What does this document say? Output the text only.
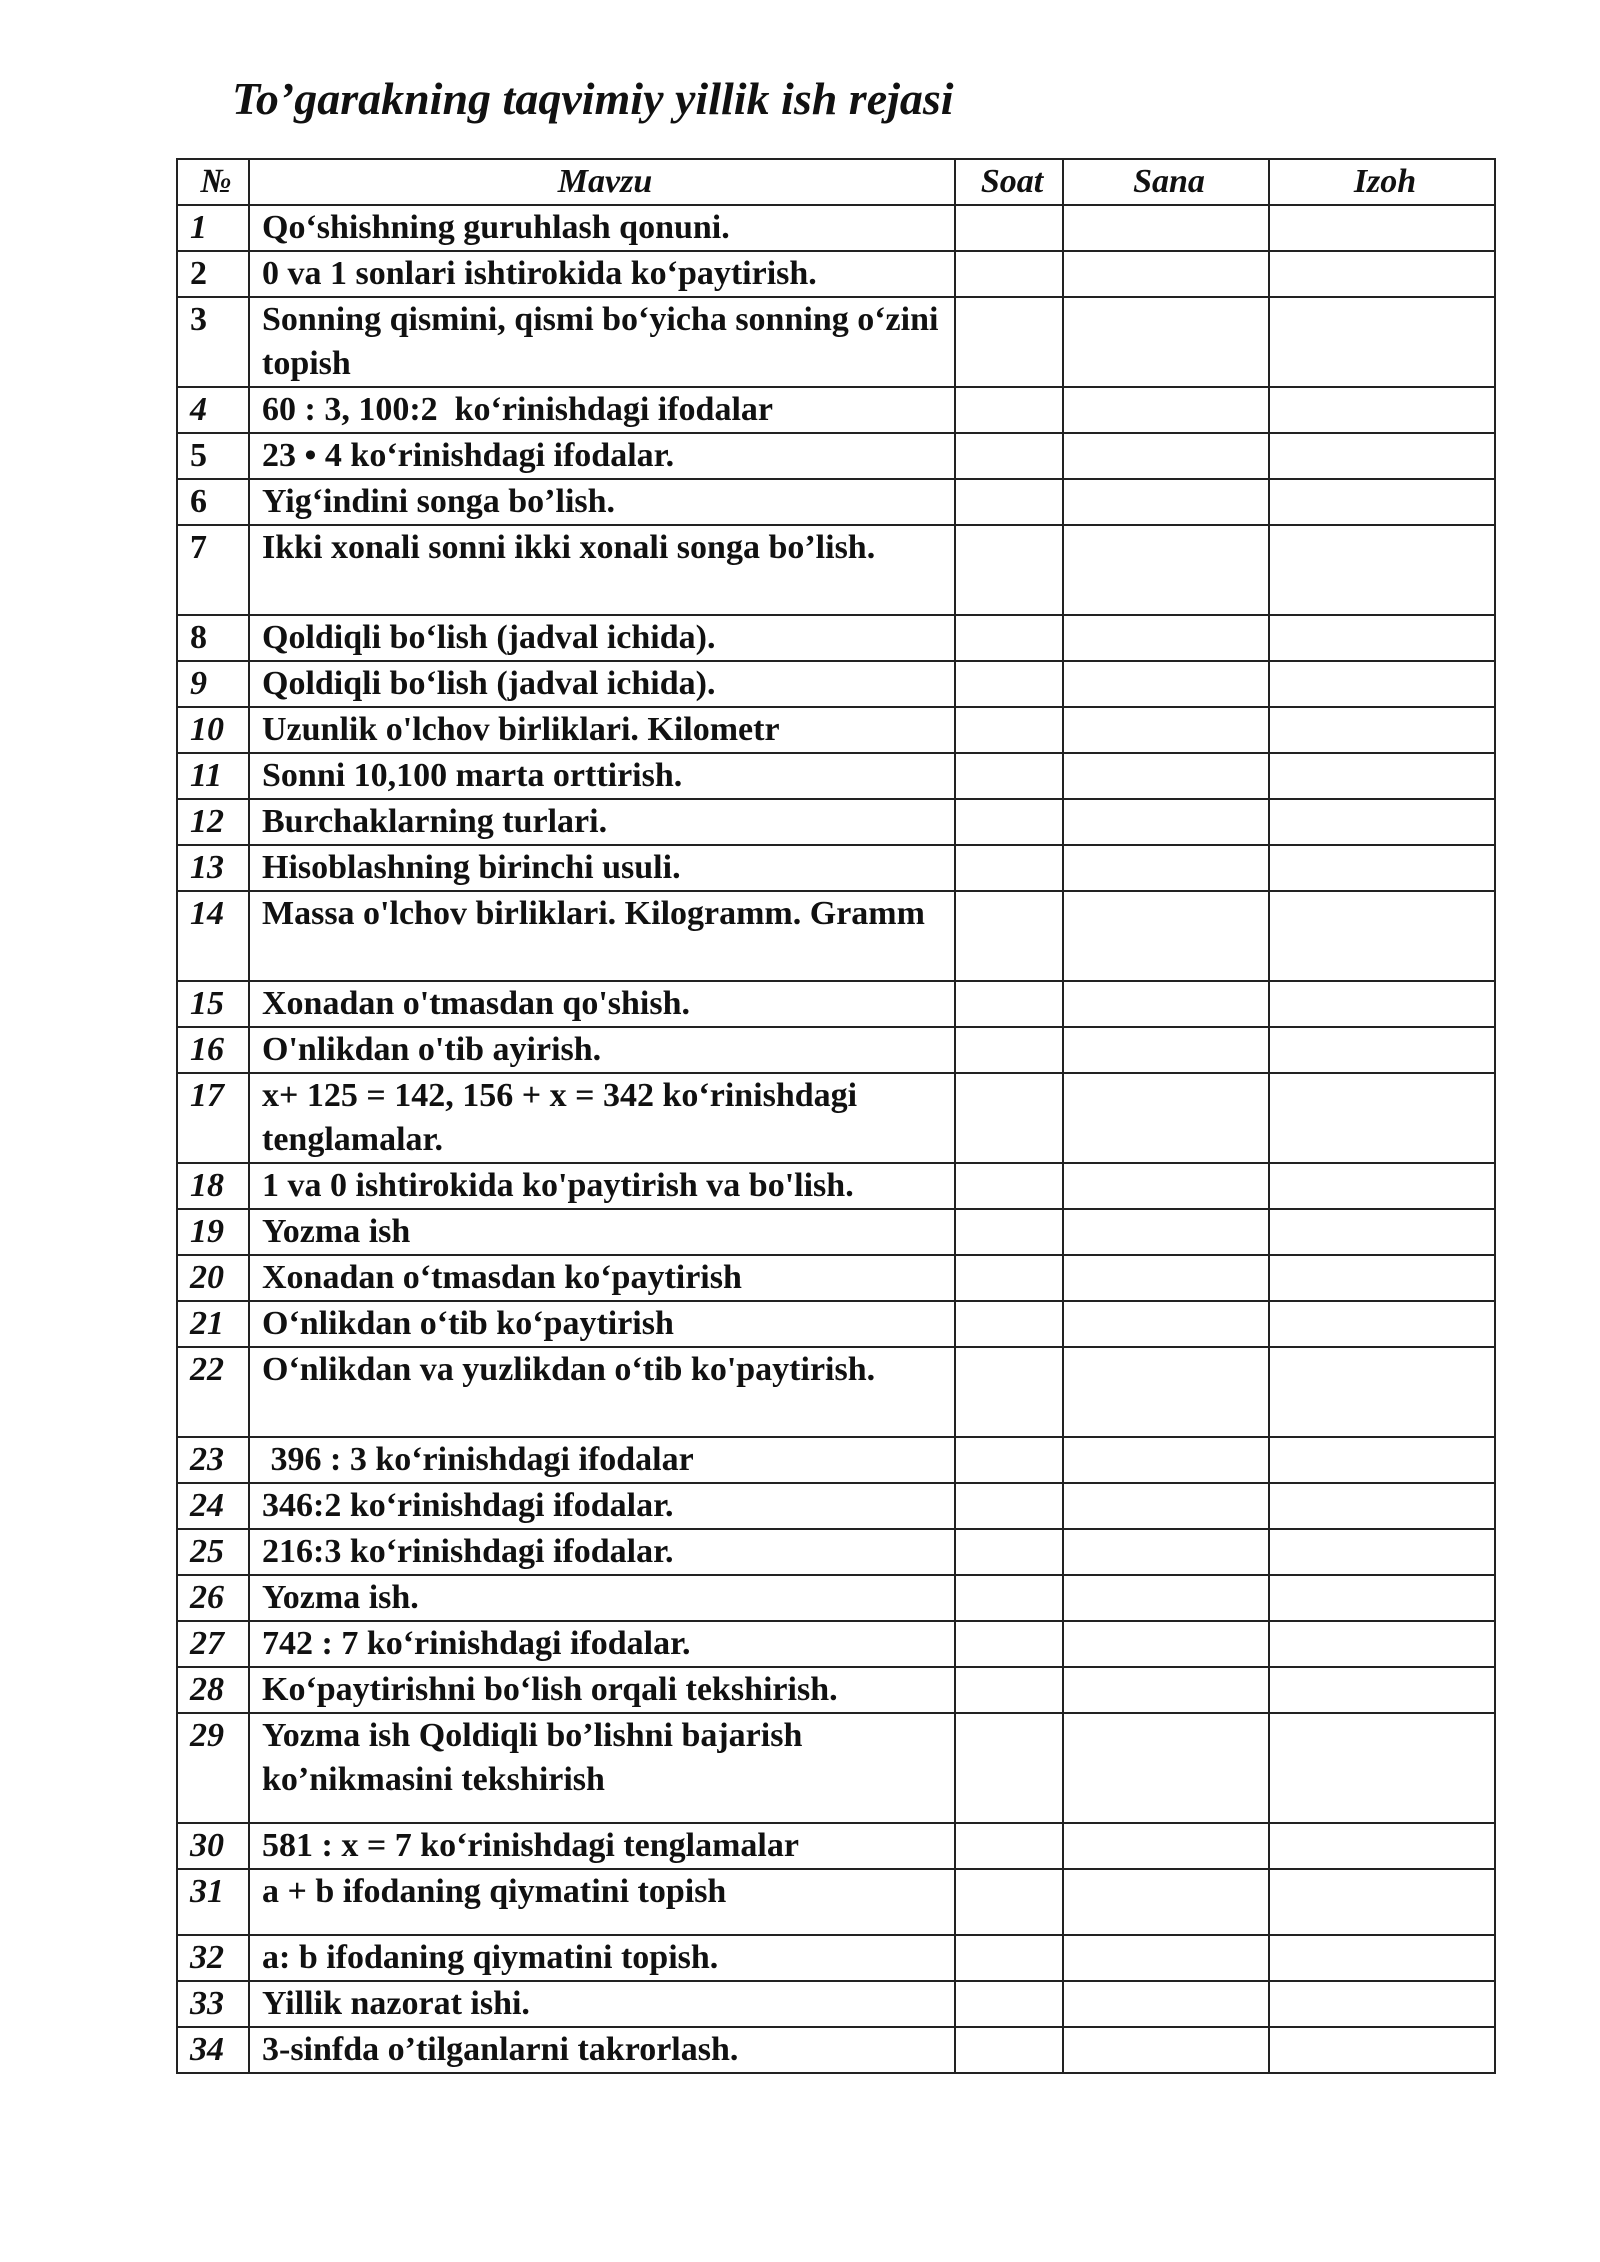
To’garakning taqvimiy yillik ish rejasi
№	Mavzu	Soat	Sana	Izoh
1	Qo‘shishning guruhlash qonuni.			
2	0 va 1 sonlari ishtirokida ko‘paytirish.			
3	Sonning qismini, qismi bo‘yicha sonning o‘zini topish			
4	60 : 3, 100:2  ko‘rinishdagi ifodalar			
5	23 • 4 ko‘rinishdagi ifodalar.			
6	Yig‘indini songa bo’lish.			
7	Ikki xonali sonni ikki xonali songa bo’lish.			
8	Qoldiqli bo‘lish (jadval ichida).			
9	Qoldiqli bo‘lish (jadval ichida).			
10	Uzunlik o'lchov birliklari. Kilometr			
11	Sonni 10,100 marta orttirish.			
12	Burchaklarning turlari.			
13	Hisoblashning birinchi usuli.			
14	Massa o'lchov birliklari. Kilogramm. Gramm			
15	Xonadan o'tmasdan qo'shish.			
16	O'nlikdan o'tib ayirish.			
17	x+ 125 = 142, 156 + x = 342 ko‘rinishdagi tenglamalar.			
18	1 va 0 ishtirokida ko'paytirish va bo'lish.			
19	Yozma ish			
20	Xonadan o‘tmasdan ko‘paytirish			
21	O‘nlikdan o‘tib ko‘paytirish			
22	O‘nlikdan va yuzlikdan o‘tib ko'paytirish.			
23	396 : 3 ko‘rinishdagi ifodalar			
24	346:2 ko‘rinishdagi ifodalar.			
25	216:3 ko‘rinishdagi ifodalar.			
26	Yozma ish.			
27	742 : 7 ko‘rinishdagi ifodalar.			
28	Ko‘paytirishni bo‘lish orqali tekshirish.			
29	Yozma ish Qoldiqli bo’lishni bajarish ko’nikmasini tekshirish			
30	581 : x = 7 ko‘rinishdagi tenglamalar			
31	a + b ifodaning qiymatini topish			
32	a: b ifodaning qiymatini topish.			
33	Yillik nazorat ishi.			
34	3-sinfda o’tilganlarni takrorlash.			
